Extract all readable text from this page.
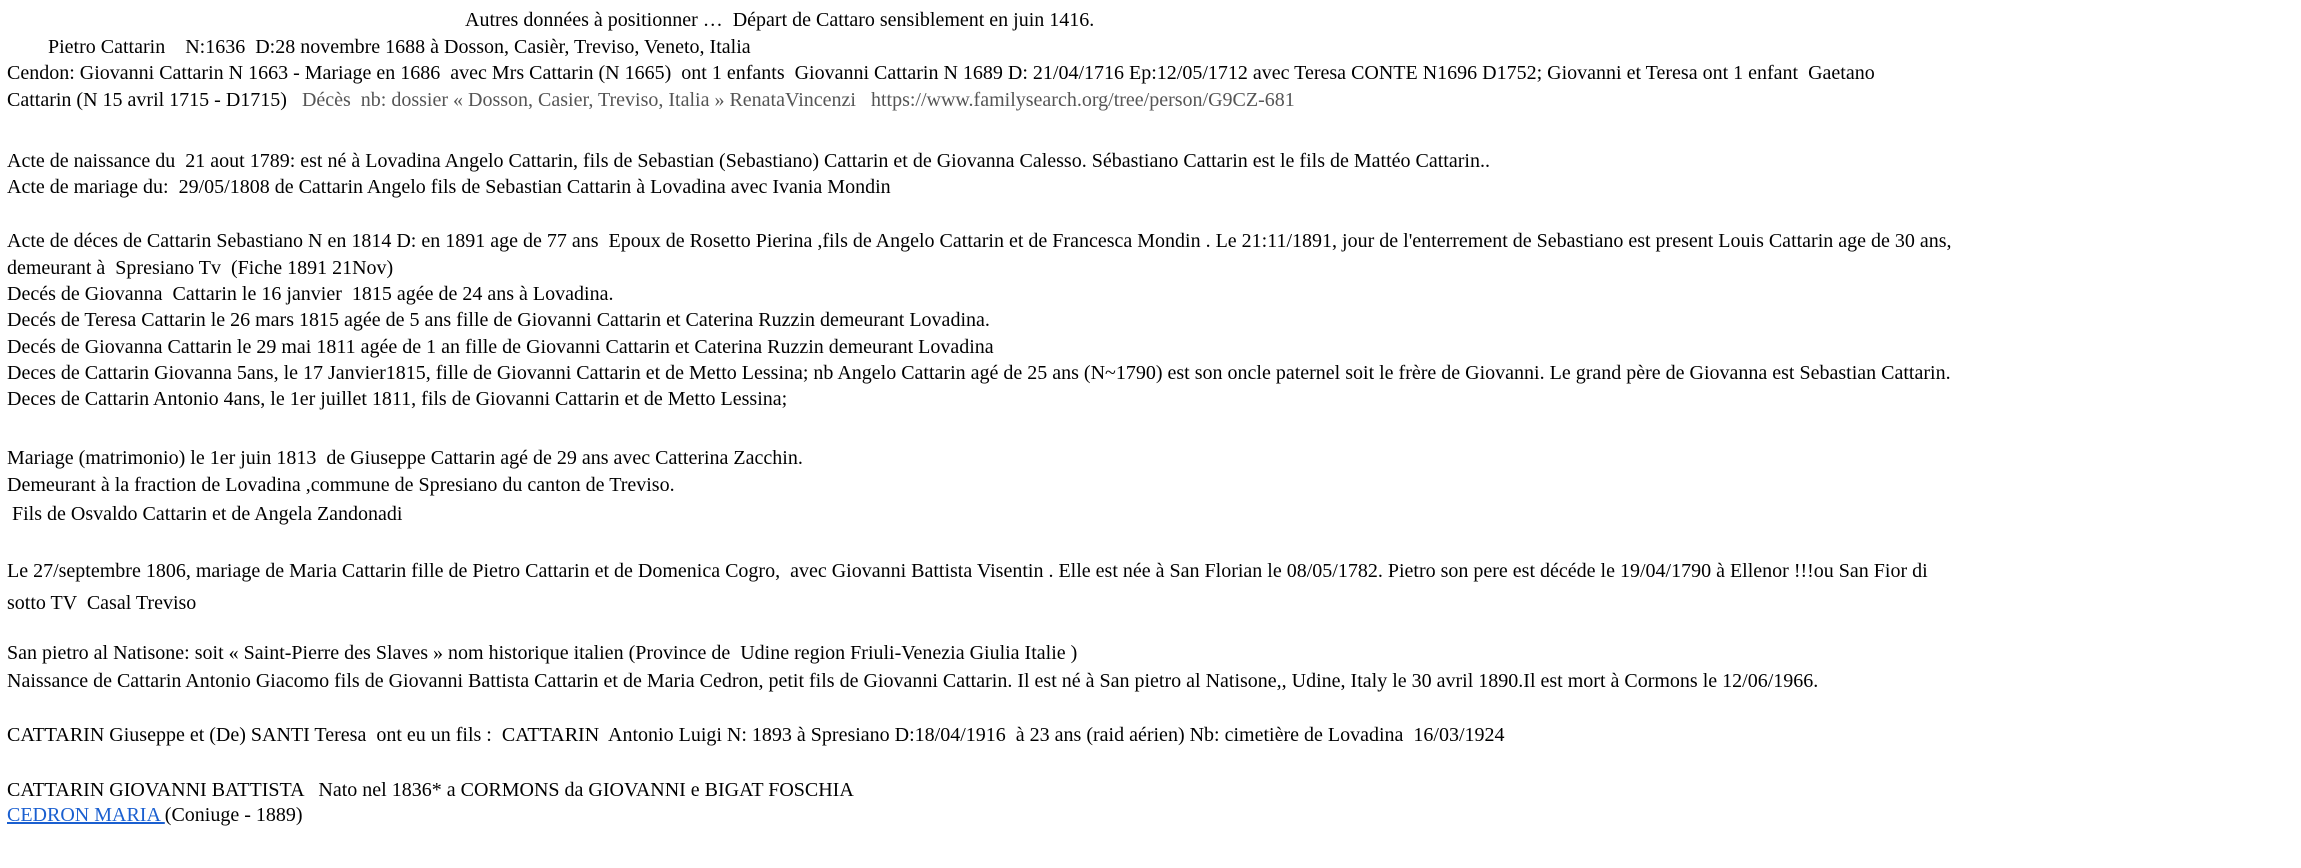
Autres données à positionner …  Départ de Cattaro sensiblement en juin 1416.
Pietro Cattarin    N:1636  D:28 novembre 1688 à Dosson, Casièr, Treviso, Veneto, Italia
Cendon: Giovanni Cattarin N 1663 - Mariage en 1686  avec Mrs Cattarin (N 1665)  ont 1 enfants  Giovanni Cattarin N 1689 D: 21/04/1716 Ep:12/05/1712 avec Teresa CONTE N1696 D1752; Giovanni et Teresa ont 1 enfant  Gaetano
Cattarin (N 15 avril 1715 - D1715) Décès  nb: dossier « Dosson, Casier, Treviso, Italia » RenataVincenzi   https://www.familysearch.org/tree/person/G9CZ-681
Acte de naissance du  21 aout 1789: est né à Lovadina Angelo Cattarin, fils de Sebastian (Sebastiano) Cattarin et de Giovanna Calesso. Sébastiano Cattarin est le fils de Mattéo Cattarin..
Acte de mariage du:  29/05/1808 de Cattarin Angelo fils de Sebastian Cattarin à Lovadina avec Ivania Mondin
Acte de déces de Cattarin Sebastiano N en 1814 D: en 1891 age de 77 ans  Epoux de Rosetto Pierina ,fils de Angelo Cattarin et de Francesca Mondin . Le 21:11/1891, jour de l'enterrement de Sebastiano est present Louis Cattarin age de 30 ans,
demeurant à  Spresiano Tv  (Fiche 1891 21Nov)
Decés de Giovanna  Cattarin le 16 janvier  1815 agée de 24 ans à Lovadina.
Decés de Teresa Cattarin le 26 mars 1815 agée de 5 ans fille de Giovanni Cattarin et Caterina Ruzzin demeurant Lovadina.
Decés de Giovanna Cattarin le 29 mai 1811 agée de 1 an fille de Giovanni Cattarin et Caterina Ruzzin demeurant Lovadina
Deces de Cattarin Giovanna 5ans, le 17 Janvier1815, fille de Giovanni Cattarin et de Metto Lessina; nb Angelo Cattarin agé de 25 ans (N~1790) est son oncle paternel soit le frère de Giovanni. Le grand père de Giovanna est Sebastian Cattarin.
Deces de Cattarin Antonio 4ans, le 1er juillet 1811, fils de Giovanni Cattarin et de Metto Lessina;
Mariage (matrimonio) le 1er juin 1813  de Giuseppe Cattarin agé de 29 ans avec Catterina Zacchin.
Demeurant à la fraction de Lovadina ,commune de Spresiano du canton de Treviso.
Fils de Osvaldo Cattarin et de Angela Zandonadi
Le 27/septembre 1806, mariage de Maria Cattarin fille de Pietro Cattarin et de Domenica Cogro,  avec Giovanni Battista Visentin . Elle est née à San Florian le 08/05/1782. Pietro son pere est décéde le 19/04/1790 à Ellenor !!!ou San Fior di
sotto TV  Casal Treviso
San pietro al Natisone: soit « Saint-Pierre des Slaves » nom historique italien (Province de  Udine region Friuli-Venezia Giulia Italie )
Naissance de Cattarin Antonio Giacomo fils de Giovanni Battista Cattarin et de Maria Cedron, petit fils de Giovanni Cattarin. Il est né à San pietro al Natisone,, Udine, Italy le 30 avril 1890.Il est mort à Cormons le 12/06/1966.
CATTARIN Giuseppe et (De) SANTI Teresa  ont eu un fils :  CATTARIN  Antonio Luigi N: 1893 à Spresiano D:18/04/1916  à 23 ans (raid aérien) Nb: cimetière de Lovadina  16/03/1924
CATTARIN GIOVANNI BATTISTA   Nato nel 1836* a CORMONS da GIOVANNI e BIGAT FOSCHIA
CEDRON MARIA (Coniuge - 1889)
